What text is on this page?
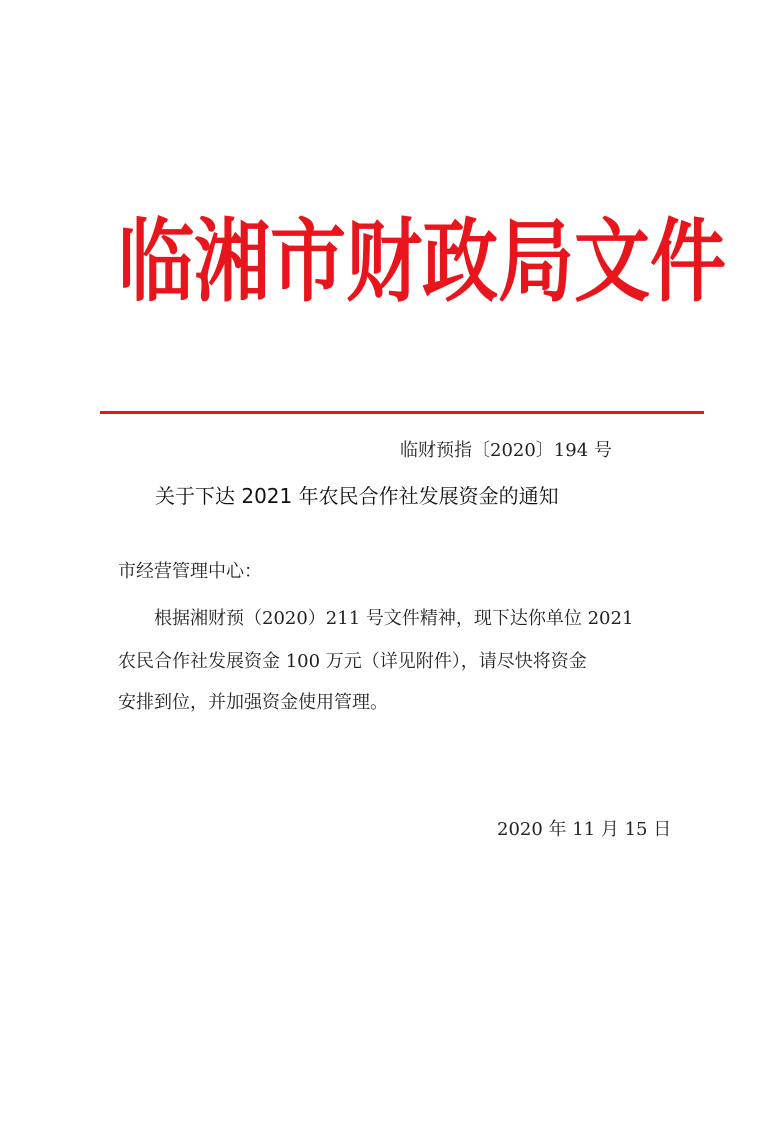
临 湘 市 财 政 局 文 件
临财预指〔2020〕194 号
关于下达 2021 年农民合作社发展资金的通知
市经营管理中心：
根据湘财预（2020）211 号文件精神，现下达你单位 2021
农民合作社发展资金 100 万元（详见附件），请尽快将资金
安排到位，并加强资金使用管理。
2020 年 11 月 15 日
